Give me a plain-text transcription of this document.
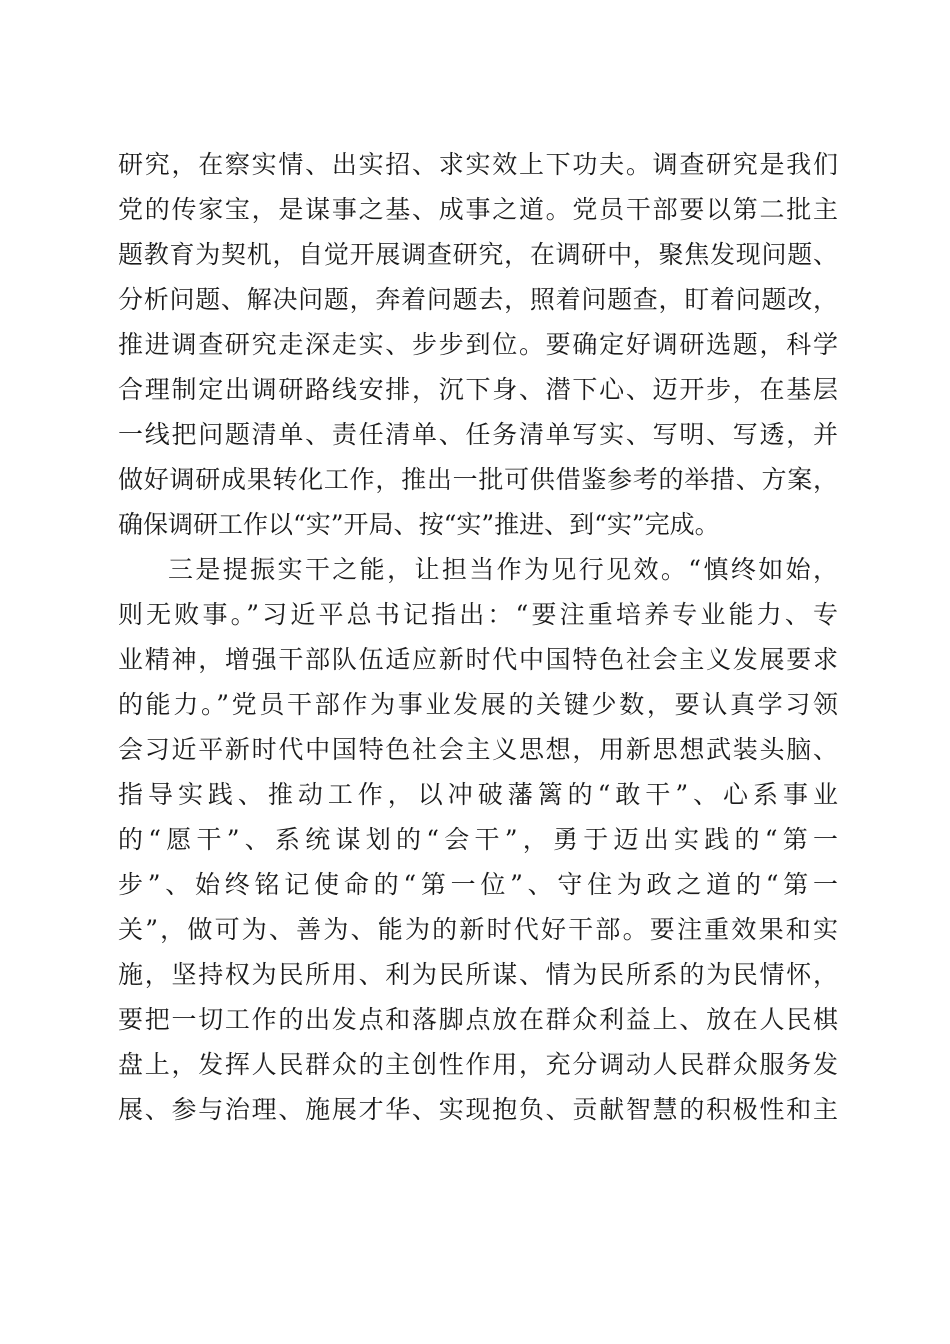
研究，在察实情、出实招、求实效上下功夫。调查研究是我们
党的传家宝，是谋事之基、成事之道。党员干部要以第二批主
题教育为契机，自觉开展调查研究，在调研中，聚焦发现问题、
分析问题、解决问题，奔着问题去，照着问题查，盯着问题改，
推进调查研究走深走实、步步到位。要确定好调研选题，科学
合理制定出调研路线安排，沉下身、潜下心、迈开步，在基层
一线把问题清单、责任清单、任务清单写实、写明、写透，并
做好调研成果转化工作，推出一批可供借鉴参考的举措、方案，
确保调研工作以“实”开局、按“实”推进、到“实”完成。
三是提振实干之能，让担当作为见行见效。“慎终如始，
则无败事。”习近平总书记指出：“要注重培养专业能力、专
业精神，增强干部队伍适应新时代中国特色社会主义发展要求
的能力。”党员干部作为事业发展的关键少数，要认真学习领
会习近平新时代中国特色社会主义思想，用新思想武装头脑、
指导实践、推动工作，以冲破藩篱的“敢干”、心系事业
的“愿干”、系统谋划的“会干”，勇于迈出实践的“第一
步”、始终铭记使命的“第一位”、守住为政之道的“第一
关”，做可为、善为、能为的新时代好干部。要注重效果和实
施，坚持权为民所用、利为民所谋、情为民所系的为民情怀，
要把一切工作的出发点和落脚点放在群众利益上、放在人民棋
盘上，发挥人民群众的主创性作用，充分调动人民群众服务发
展、参与治理、施展才华、实现抱负、贡献智慧的积极性和主
